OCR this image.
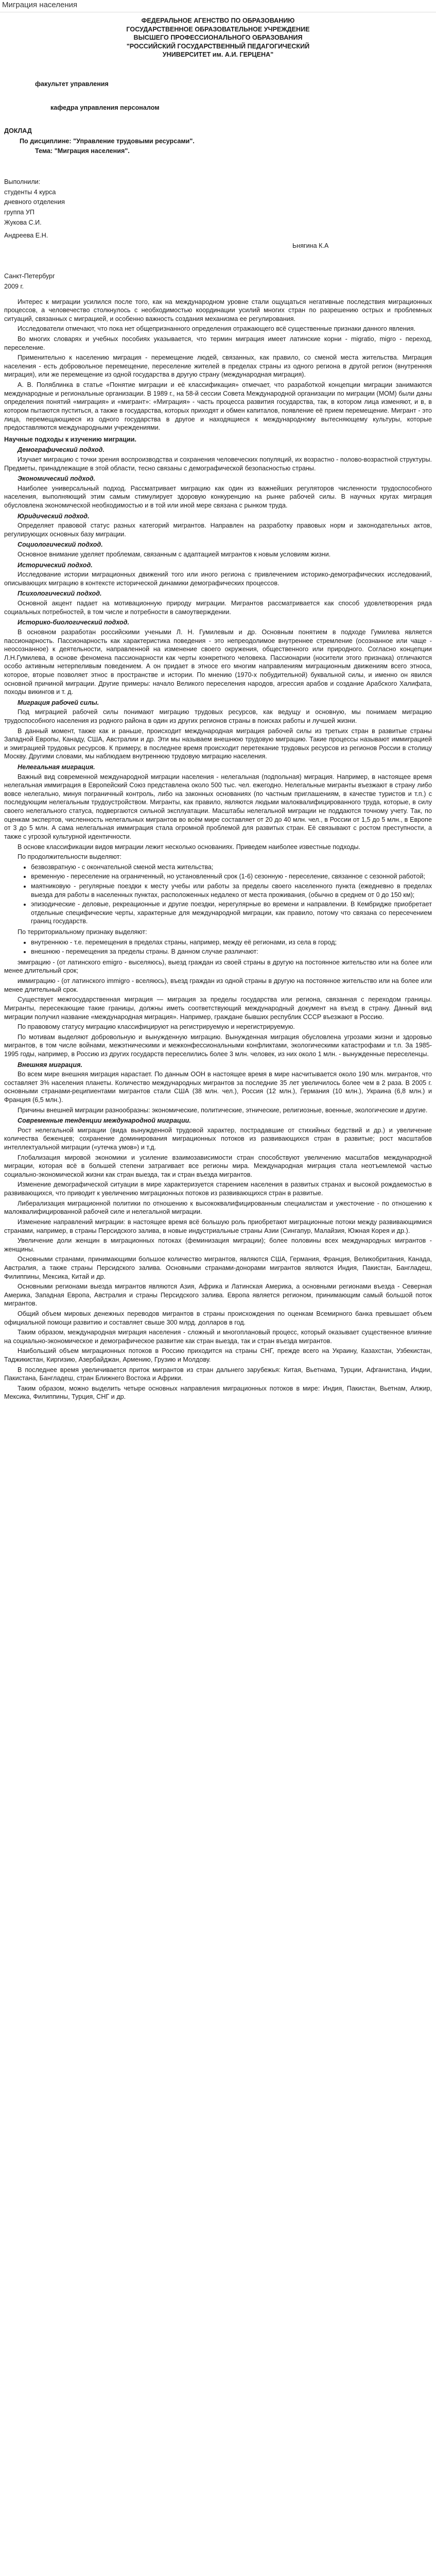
Миграция населения

ФЕДЕРАЛЬНОЕ АГЕНСТВО ПО ОБРАЗОВАНИЮ

ГОСУДАРСТВЕННОЕ ОБРАЗОВАТЕЛЬНОЕ УЧРЕЖДЕНИЕ

ВЫСШЕГО ПРОФЕССИОНАЛЬНОГО ОБРАЗОВАНИЯ

"РОССИЙСКИЙ ГОСУДАРСТВЕННЫЙ ПЕДАГОГИЧЕСКИЙ

УНИВЕРСИТЕТ им. А.И. ГЕРЦЕНА"

факультет управления

кафедра управления персоналом

ДОКЛАД

По дисциплине: "Управление трудовыми ресурсами".

Тема: "Миграция населения".

Выполнили:

студенты 4 курса

дневного отделения

группа УП

Жукова С.И.

Андреева Е.Н.

Ьнягина К.А

Санкт-Петербург

2009 г.

Интерес к миграции усилился после того, как на международном уровне стали ощущаться негативные последствия миграционных процессов, а человечество столкнулось с необходимостью координации усилий многих стран по разрешению острых и проблемных ситуаций, связанных с миграцией, и особенно важность создания механизма ее регулирования.

Исследователи отмечают, что пока нет общепризнанного определения отражающего всё существенные признаки данного явления.

Во многих словарях и учебных пособиях указывается, что термин миграция имеет латинские корни - migratio, migro - переход, переселение.

Применительно к населению миграция - перемещение людей, связанных, как правило, со сменой места жительства. Миграция населения - есть добровольное перемещение, переселение жителей в пределах страны из одного региона в другой регион (внутренняя миграция), или же перемещение из одной государства в другую страну (международная миграция).

А. В. Поляблинка в статье «Понятие миграции и её классификация» отмечает, что разработкой концепции миграции занимаются международные и региональные организации. В 1989 г., на 58-й сессии Совета Международной организации по миграции (МОМ) были даны определения понятий «миграция» и «мигрант»: «Миграция» - часть процесса развития государства, так, в котором лица изменяют, и в, в котором пытаются пуститься, а также в государства, которых приходят и обмен капиталов, появление её прием перемещение. Мигрант - это лица, перемещающиеся из одного государства в другое и находящиеся к международному вытесняющему культуры, которые предоставляются международными учреждениями.

Научные подходы к изучению миграции.

Демографический подход.

Изучает миграцию с точки зрения воспроизводства и сохранения человеческих популяций, их возрастно - полово-возрастной структуры. Предметы, принадлежащие в этой области, тесно связаны с демографической безопасностью страны.

Экономический подход.

Наиболее универсальный подход. Рассматривает миграцию как один из важнейших регуляторов численности трудоспособного населения, выполняющий этим самым стимулирует здоровую конкуренцию на рынке рабочей силы. В научных кругах миграция обусловлена экономической необходимостью и в той или иной мере связана с рынком труда.

Юридический подход.

Определяет правовой статус разных категорий мигрантов. Направлен на разработку правовых норм и законодательных актов, регулирующих основных базу миграции.

Социологический подход.

Основное внимание уделяет проблемам, связанным с адаптацией мигрантов к новым условиям жизни.

Исторический подход.

Исследование истории миграционных движений того или иного региона с привлечением историко-демографических исследований, описывающих миграцию в контексте исторической динамики демографических процессов.

Психологический подход.

Основной акцент падает на мотивационную природу миграции. Мигрантов рассматривается как способ удовлетворения ряда социальных потребностей, в том числе и потребности в самоутверждении.

Историко-биологический подход.

В основном разработан российскими учеными Л. Н. Гумилевым и др. Основным понятием в подходе Гумилева является пассионарность. Пассионарность как характеристика поведения - это непреодолимое внутреннее стремление (осознанное или чаще - неосознанное) к деятельности, направленной на изменение своего окружения, общественного или природного. Согласно концепции Л.Н.Гумилева, в основе феномена пассионарности как черты конкретного человека. Пассионарии (носители этого признака) отличаются особо активным нетерпеливым поведением. А он придает в этносе его многим направлениям миграционным движениям всего этноса, которое, вторые позволяет этнос в пространстве и истории. По мнению (1970-х побудительной) буквальной силы, и именно он явился основной причиной миграции. Другие примеры: начало Великого переселения народов, агрессия арабов и создание Арабского Халифата, походы викингов и т. д.

Миграция рабочей силы.

Под миграцией рабочей силы понимают миграцию трудовых ресурсов, как ведущу и основную, мы понимаем миграцию трудоспособного населения из родного района в один из других регионов страны в поисках работы и лучшей жизни.

В данный момент, также как и раньше, происходит международная миграция рабочей силы из третьих стран в развитые страны Западной Европы, Канаду, США, Австралии и др. Эти мы называем внешнюю трудовую миграцию. Такие процессы называют иммиграцией и эмиграцией трудовых ресурсов. К примеру, в последнее время происходит перетекание трудовых ресурсов из регионов России в столицу Москву. Другими словами, мы наблюдаем внутреннюю трудовую миграцию населения.

Нелегальная миграция.

Важный вид современной международной миграции населения - нелегальная (подпольная) миграция. Например, в настоящее время нелегальная иммиграция в Европейский Союз представлена около 500 тыс. чел. ежегодно. Нелегальные мигранты въезжают в страну либо вовсе нелегально, минуя пограничный контроль, либо на законных основаниях (по частным приглашениям, в качестве туристов и т.п.) с последующим нелегальным трудоустройством. Мигранты, как правило, являются людьми малоквалифицированного труда, которые, в силу своего нелегального статуса, подвергаются сильной эксплуатации. Масштабы нелегальной миграции не поддаются точному учету. Так, по оценкам экспертов, численность нелегальных мигрантов во всём мире составляет от 20 до 40 млн. чел., в России от 1,5 до 5 млн., в Европе от 3 до 5 млн. А сама нелегальная иммиграция стала огромной проблемой для развитых стран. Её связывают с ростом преступности, а также с угрозой культурной идентичности.

В основе классификации видов миграции лежит несколько основаниях. Приведем наиболее известные подходы.

По продолжительности выделяют:

• безвозвратную - с окончательной сменой места жительства;
• временную - переселение на ограниченный, но установленный срок (1-6) сезонную - переселение, связанное с сезонной работой;
• маятниковую - регулярные поездки к месту учебы или работы за пределы своего населенного пункта (ежедневно в пределах выезда для работы в населенных пунктах, расположенных недалеко от места проживания, (обычно в среднем от 0 до 150 км);
• эпизодические - деловые, рекреационные и другие поездки, нерегулярные во времени и направлении. В Кембридже приобретает отдельные специфические черты, характерные для международной миграции, как правило, потому что связана со пересечением границ государств.

По территориальному признаку выделяют:

• внутреннюю - т.е. перемещения в пределах страны, например, между её регионами, из села в город;
• внешнюю - перемещения за пределы страны. В данном случае различают:

эмиграцию - (от латинского emigro - выселяюсь), выезд граждан из своей страны в другую на постоянное жительство или на более или менее длительный срок;

иммиграцию - (от латинского immigro - вселяюсь), въезд граждан из одной страны в другую на постоянное жительство или на более или менее длительный срок.

Существует межгосударственная миграция — миграция за пределы государства или региона, связанная с переходом границы. Мигранты, пересекающие такие границы, должны иметь соответствующий международный документ на въезд в страну. Данный вид миграции получил название «международная миграция». Например, граждане бывших республик СССР въезжают в Россию.

По правовому статусу миграцию классифицируют на регистрируемую и нерегистрируемую.

По мотивам выделяют добровольную и вынужденную миграцию. Вынужденная миграция обусловлена угрозами жизни и здоровью мигрантов, в том числе войнами, межэтническими и межконфессиональными конфликтами, экологическими катастрофами и т.п. За 1985-1995 годы, например, в Россию из других государств переселились более 3 млн. человек, из них около 1 млн. - вынужденные переселенцы.

Внешняя миграция.

Во всем мире внешняя миграция нарастает. По данным ООН в настоящее время в мире насчитывается около 190 млн. мигрантов, что составляет 3% населения планеты. Количество международных мигрантов за последние 35 лет увеличилось более чем в 2 раза. В 2005 г. основными странами-реципиентами мигрантов стали США (38 млн. чел.), Россия (12 млн.), Германия (10 млн.), Украина (6,8 млн.) и Франция (6,5 млн.).

Причины внешней миграции разнообразны: экономические, политические, этнические, религиозные, военные, экологические и другие.

Современные тенденции международной миграции.

Рост нелегальной миграции (вида вынужденной трудовой характер, пострадавшие от стихийных бедствий и др.) и увеличение количества беженцев; сохранение доминирования миграционных потоков из развивающихся стран в развитые; рост масштабов интеллектуальной миграции («утечка умов») и т.д.

Глобализация мировой экономики и усиление взаимозависимости стран способствуют увеличению масштабов международной миграции, которая всё в большей степени затрагивает все регионы мира. Международная миграция стала неотъемлемой частью социально-экономической жизни как стран выезда, так и стран въезда мигрантов.

Изменение демографической ситуации в мире характеризуется старением населения в развитых странах и высокой рождаемостью в развивающихся, что приводит к увеличению миграционных потоков из развивающихся стран в развитые.

Либерализация миграционной политики по отношению к высококвалифицированным специалистам и ужесточение - по отношению к малоквалифицированной рабочей силе и нелегальной миграции.

Изменение направлений миграции: в настоящее время всё большую роль приобретают миграционные потоки между развивающимися странами, например, в страны Персидского залива, в новые индустриальные страны Азии (Сингапур, Малайзия, Южная Корея и др.).

Увеличение доли женщин в миграционных потоках (феминизация миграции); более половины всех международных мигрантов - женщины.

Основными странами, принимающими большое количество мигрантов, являются США, Германия, Франция, Великобритания, Канада, Австралия, а также страны Персидского залива. Основными странами-донорами мигрантов являются Индия, Пакистан, Бангладеш, Филиппины, Мексика, Китай и др.

Основными регионами выезда мигрантов являются Азия, Африка и Латинская Америка, а основными регионами въезда - Северная Америка, Западная Европа, Австралия и страны Персидского залива. Европа является регионом, принимающим самый большой поток мигрантов.

Общий объем мировых денежных переводов мигрантов в страны происхождения по оценкам Всемирного банка превышает объем официальной помощи развитию и составляет свыше 300 млрд. долларов в год.

Таким образом, международная миграция населения - сложный и многоплановый процесс, который оказывает существенное влияние на социально-экономическое и демографическое развитие как стран выезда, так и стран въезда мигрантов.

Наибольший объем миграционных потоков в Россию приходится на страны СНГ, прежде всего на Украину, Казахстан, Узбекистан, Таджикистан, Киргизию, Азербайджан, Армению, Грузию и Молдову.

В последнее время увеличивается приток мигрантов из стран дальнего зарубежья: Китая, Вьетнама, Турции, Афганистана, Индии, Пакистана, Бангладеш, стран Ближнего Востока и Африки.

Таким образом, можно выделить четыре основных направления миграционных потоков в мире: Индия, Пакистан, Вьетнам, Алжир, Мексика, Филиппины, Турция, СНГ и др.
